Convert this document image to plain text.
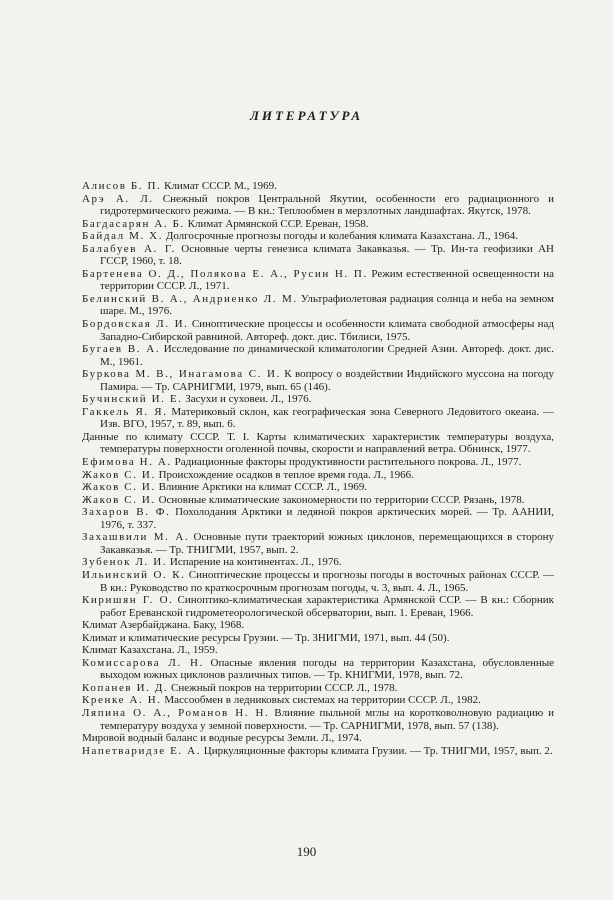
ЛИТЕРАТУРА
Алисов Б. П. Климат СССР. М., 1969.
Арэ А. Л. Снежный покров Центральной Якутии, особенности его радиационного и гидротермического режима. — В кн.: Теплообмен в мерзлотных ландшафтах. Якутск, 1978.
Багдасарян А. Б. Климат Армянской ССР. Ереван, 1958.
Байдал М. Х. Долгосрочные прогнозы погоды и колебания климата Казахстана. Л., 1964.
Балабуев А. Г. Основные черты генезиса климата Закавказья. — Тр. Ин-та геофизики АН ГССР, 1960, т. 18.
Бартенева О. Д., Полякова Е. А., Русин Н. П. Режим естественной освещенности на территории СССР. Л., 1971.
Белинский В. А., Андриенко Л. М. Ультрафиолетовая радиация солнца и неба на земном шаре. М., 1976.
Бордовская Л. И. Синоптические процессы и особенности климата свободной атмосферы над Западно-Сибирской равниной. Автореф. докт. дис. Тбилиси, 1975.
Бугаев В. А. Исследование по динамической климатологии Средней Азии. Автореф. докт. дис. М., 1961.
Буркова М. В., Инагамова С. И. К вопросу о воздействии Индийского муссона на погоду Памира. — Тр. САРНИГМИ, 1979, вып. 65 (146).
Бучинский И. Е. Засухи и суховеи. Л., 1976.
Гаккель Я. Я. Материковый склон, как географическая зона Северного Ледовитого океана. — Изв. ВГО, 1957, т. 89, вып. 6.
Данные по климату СССР. Т. I. Карты климатических характеристик температуры воздуха, температуры поверхности оголенной почвы, скорости и направлений ветра. Обнинск, 1977.
Ефимова Н. А. Радиационные факторы продуктивности растительного покрова. Л., 1977.
Жаков С. И. Происхождение осадков в теплое время года. Л., 1966.
Жаков С. И. Влияние Арктики на климат СССР. Л., 1969.
Жаков С. И. Основные климатические закономерности по территории СССР. Рязань, 1978.
Захаров В. Ф. Похолодания Арктики и ледяной покров арктических морей. — Тр. ААНИИ, 1976, т. 337.
Захашвили М. А. Основные пути траекторий южных циклонов, перемещающихся в сторону Закавказья. — Тр. ТНИГМИ, 1957, вып. 2.
Зубенок Л. И. Испарение на континентах. Л., 1976.
Ильинский О. К. Синоптические процессы и прогнозы погоды в восточных районах СССР. — В кн.: Руководство по краткосрочным прогнозам погоды, ч. 3, вып. 4. Л., 1965.
Киришян Г. О. Синоптико-климатическая характеристика Армянской ССР. — В кн.: Сборник работ Ереванской гидрометеорологической обсерватории, вып. 1. Ереван, 1966.
Климат Азербайджана. Баку, 1968.
Климат и климатические ресурсы Грузии. — Тр. ЗНИГМИ, 1971, вып. 44 (50).
Климат Казахстана. Л., 1959.
Комиссарова Л. Н. Опасные явления погоды на территории Казахстана, обусловленные выходом южных циклонов различных типов. — Тр. КНИГМИ, 1978, вып. 72.
Копанев И. Д. Снежный покров на территории СССР. Л., 1978.
Кренке А. Н. Массообмен в ледниковых системах на территории СССР. Л., 1982.
Ляпина О. А., Романов Н. Н. Влияние пыльной мглы на коротковолновую радиацию и температуру воздуха у земной поверхности. — Тр. САРНИГМИ, 1978, вып. 57 (138).
Мировой водный баланс и водные ресурсы Земли. Л., 1974.
Напетваридзе Е. А. Циркуляционные факторы климата Грузии. — Тр. ТНИГМИ, 1957, вып. 2.
190
